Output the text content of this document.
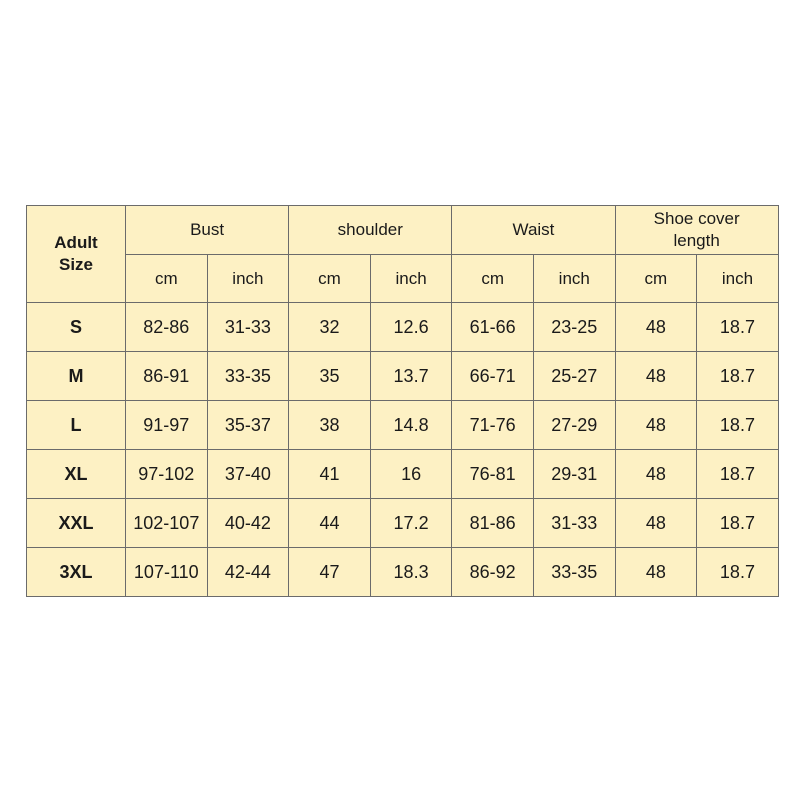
Adult
Size	Bust		shoulder		Waist		Shoe cover
length	

	cm	inch	cm	inch	cm	inch	cm	inch
S	82-86	31-33	32	12.6	61-66	23-25	48	18.7
M	86-91	33-35	35	13.7	66-71	25-27	48	18.7
L	91-97	35-37	38	14.8	71-76	27-29	48	18.7
XL	97-102	37-40	41	16	76-81	29-31	48	18.7
XXL	102-107	40-42	44	17.2	81-86	31-33	48	18.7
3XL	107-110	42-44	47	18.3	86-92	33-35	48	18.7
